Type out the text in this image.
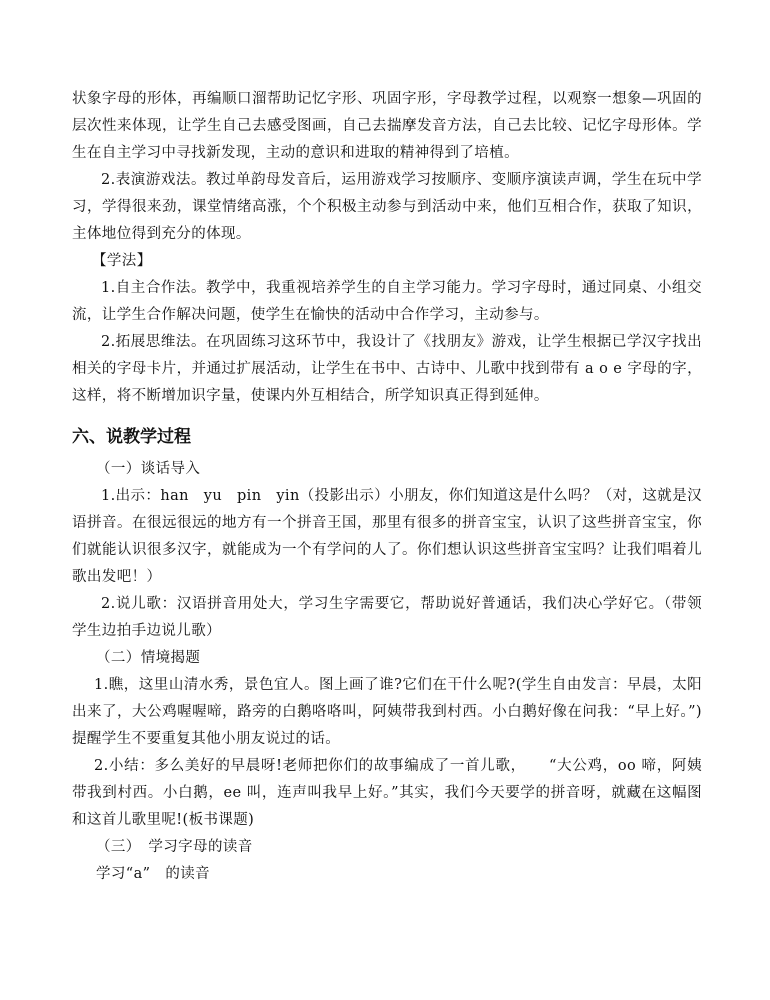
状象字母的形体，再编顺口溜帮助记忆字形、巩固字形，字母教学过程，以观察一想象—巩固的层次性来体现，让学生自己去感受图画，自己去揣摩发音方法，自己去比较、记忆字母形体。学生在自主学习中寻找新发现，主动的意识和进取的精神得到了培植。

2.表演游戏法。教过单韵母发音后，运用游戏学习按顺序、变顺序演读声调，学生在玩中学习，学得很来劲，课堂情绪高涨，个个积极主动参与到活动中来，他们互相合作，获取了知识，主体地位得到充分的体现。

【学法】

1.自主合作法。教学中，我重视培养学生的自主学习能力。学习字母时，通过同桌、小组交流，让学生合作解决问题，使学生在愉快的活动中合作学习，主动参与。

2.拓展思维法。在巩固练习这环节中，我设计了《找朋友》游戏，让学生根据已学汉字找出相关的字母卡片，并通过扩展活动，让学生在书中、古诗中、儿歌中找到带有 a o e 字母的字，这样，将不断增加识字量，使课内外互相结合，所学知识真正得到延伸。

六、说教学过程

（一）谈话导入

1.出示：han　yu　pin　yin（投影出示）小朋友，你们知道这是什么吗？（对，这就是汉语拼音。在很远很远的地方有一个拼音王国，那里有很多的拼音宝宝，认识了这些拼音宝宝，你们就能认识很多汉字，就能成为一个有学问的人了。你们想认识这些拼音宝宝吗？让我们唱着儿歌出发吧！）

2.说儿歌：汉语拼音用处大，学习生字需要它，帮助说好普通话，我们决心学好它。（带领学生边拍手边说儿歌）

（二）情境揭题

1.瞧，这里山清水秀，景色宜人。图上画了谁?它们在干什么呢?(学生自由发言：早晨，太阳出来了，大公鸡喔喔啼，路旁的白鹅咯咯叫，阿姨带我到村西。小白鹅好像在问我：“早上好。”)提醒学生不要重复其他小朋友说过的话。

2.小结：多么美好的早晨呀!老师把你们的故事编成了一首儿歌，　　“大公鸡，oo 啼，阿姨带我到村西。小白鹅，ee 叫，连声叫我早上好。”其实，我们今天要学的拼音呀，就藏在这幅图和这首儿歌里呢!(板书课题)

（三）　学习字母的读音

学习“a”　的读音
